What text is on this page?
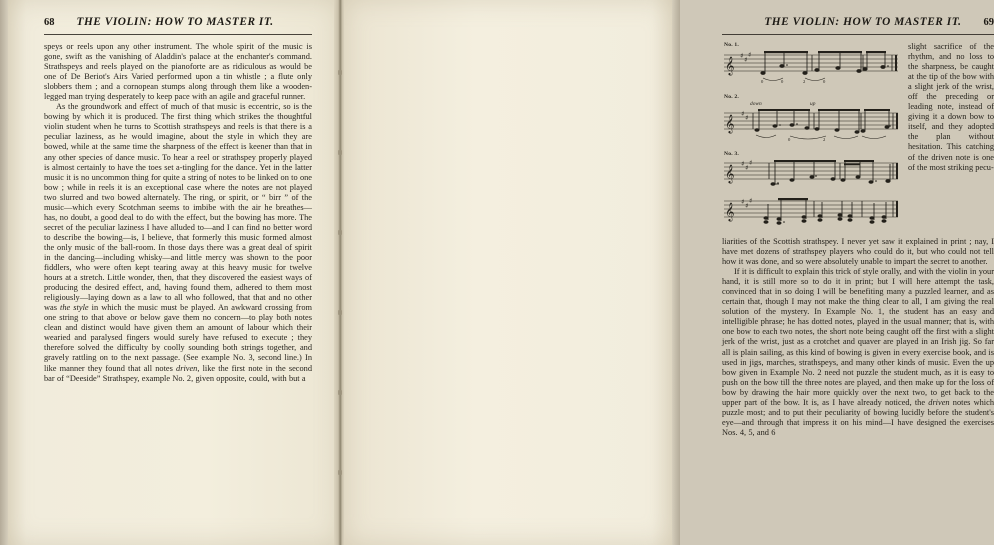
68 THE VIOLIN: HOW TO MASTER IT.

speys or reels upon any other instrument. The whole spirit of the music is gone, swift as the vanishing of Aladdin's palace at the enchanter's command. Strathspeys and reels played on the pianoforte are as ridiculous as would be one of De Beriot's Airs Varied performed upon a tin whistle ; a flute only slobbers them ; and a cornopean stumps along through them like a wooden-legged man trying desperately to keep pace with an agile and graceful runner.

As the groundwork and effect of much of that music is eccentric, so is the bowing by which it is produced. The first thing which strikes the thoughtful violin student when he turns to Scottish strathspeys and reels is that there is a peculiar laziness, as he would imagine, about the style in which they are bowed, while at the same time the sharpness of the effect is keener than that in any other species of dance music. To hear a reel or strathspey properly played is almost certainly to have the toes set a-tingling for the dance. Yet in the latter music it is no uncommon thing for quite a string of notes to be linked on to one bow ; while in reels it is an exceptional case where the notes are not played two slurred and two bowed alternately. The ring, or spirit, or “ birr ” of the music—which every Scotchman seems to imbibe with the air he breathes—has, no doubt, a good deal to do with the effect, but the bowing has more. The secret of the peculiar laziness I have alluded to—and I can find no better word to describe the bowing—is, I believe, that formerly this music formed almost the only music of the ball-room. In those days there was a great deal of spirit in the dancing—including whisky—and little mercy was shown to the poor fiddlers, who were often kept tearing away at this heavy music for twelve hours at a stretch. Little wonder, then, that they discovered the easiest ways of producing the desired effect, and, having found them, adhered to them most religiously—laying down as a law to all who followed, that that and no other was the style in which the music must be played. An awkward crossing from one string to that above or below gave them no concern—to play both notes clean and distinct would have given them an amount of labour which their wearied and paralysed fingers would surely have refused to execute ; they therefore solved the difficulty by coolly sounding both strings together, and gravely rattling on to the next passage. (See example No. 3, second line.) In like manner they found that all notes driven, like the first note in the second bar of “Deeside” Strathspey, example No. 2, given opposite, could, with but a

THE VIOLIN: HOW TO MASTER IT. 69
No. 1.
𝄞 ♯ ♯
♯
0	0	2	0
No. 2.
down	up
𝄞 ♯ ♯
0	2
No. 3.
𝄞 ♯ ♯
♯
𝄞 ♯ ♯
♯

slight sacrifice of the rhythm, and no loss to the sharpness, be caught at the tip of the bow with a slight jerk of the wrist, off the preceding or leading note, instead of giving it a down bow to itself, and they adopted the plan without hesitation. This catching of the driven note is one of the most striking pecu-

liarities of the Scottish strathspey. I never yet saw it explained in print ; nay, I have met dozens of strathspey players who could do it, but who could not tell how it was done, and so were absolutely unable to impart the secret to another.

If it is difficult to explain this trick of style orally, and with the violin in your hand, it is still more so to do it in print; but I will here attempt the task, convinced that in so doing I will be benefiting many a puzzled learner, and as certain that, though I may not make the thing clear to all, I am giving the real solution of the mystery. In Example No. 1, the student has an easy and intelligible phrase; he has dotted notes, played in the usual manner; that is, with one bow to each two notes, the short note being caught off the first with a slight jerk of the wrist, just as a crotchet and quaver are played in an Irish jig. So far all is plain sailing, as this kind of bowing is given in every exercise book, and is used in jigs, marches, strathspeys, and many other kinds of music. Even the up bow given in Example No. 2 need not puzzle the student much, as it is easy to push on the bow till the three notes are played, and then make up for the loss of bow by drawing the hair more quickly over the next two, to get back to the upper part of the bow. It is, as I have already noticed, the driven notes which puzzle most; and to put their peculiarity of bowing lucidly before the student's eye—and through that impress it on his mind—I have designed the exercises Nos. 4, 5, and 6
